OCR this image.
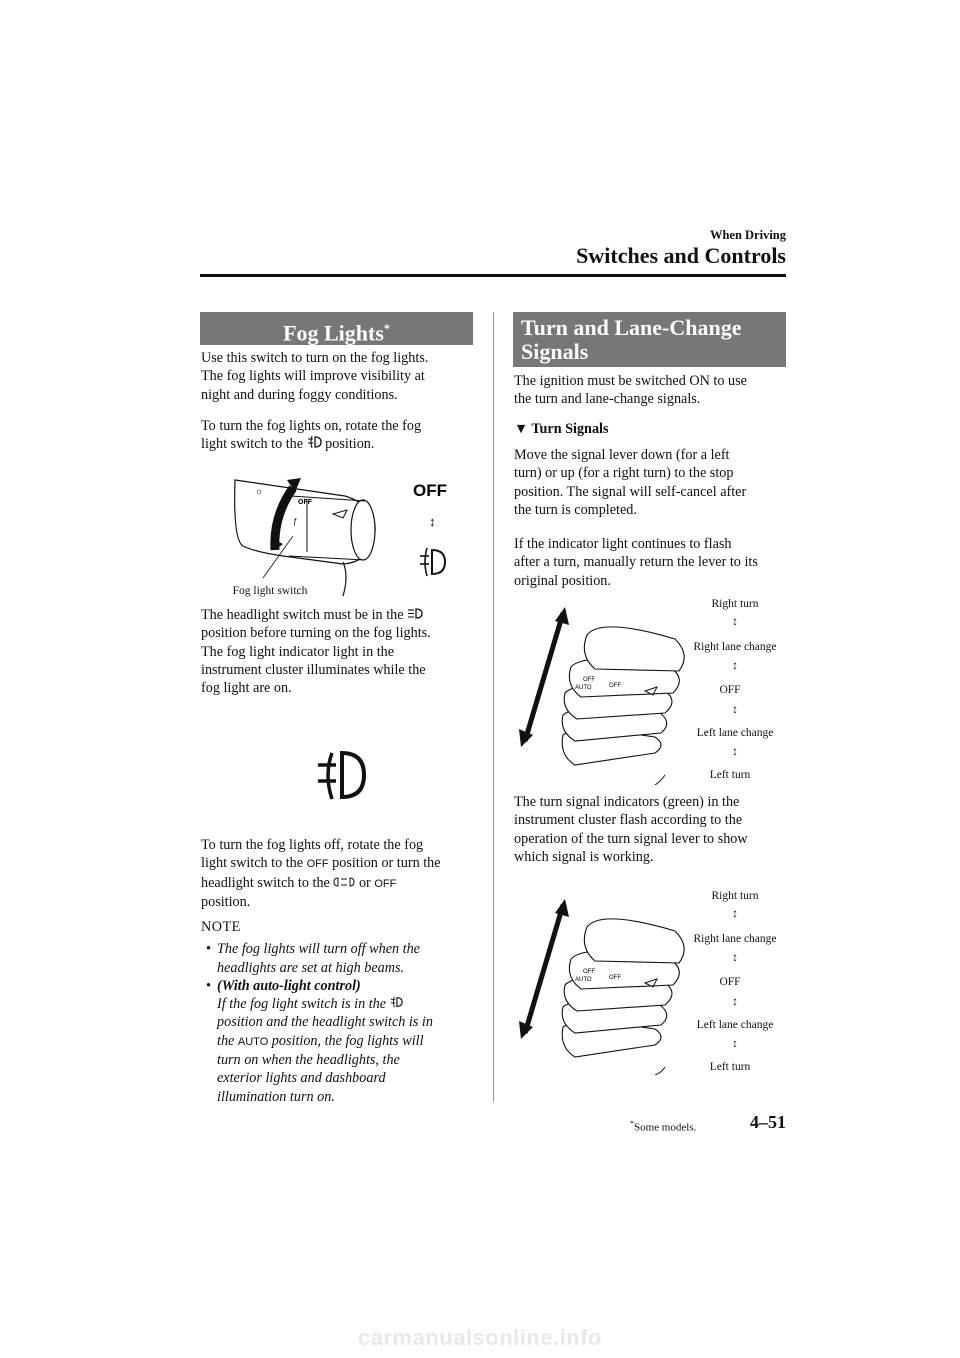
When Driving
Switches and Controls
Fog Lights*
Use this switch to turn on the fog lights.
The fog lights will improve visibility at
night and during foggy conditions.
To turn the fog lights on, rotate the fog
light switch to the position.
OFF
☼
ƒ
OFF
↕
Fog light switch
The headlight switch must be in the
position before turning on the fog lights.
The fog light indicator light in the
instrument cluster illuminates while the
fog light are on.
To turn the fog lights off, rotate the fog
light switch to the OFF position or turn the
headlight switch to the or OFF
position.
NOTE
• The fog lights will turn off when the
headlights are set at high beams.
• (With auto-light control)
If the fog light switch is in the
position and the headlight switch is in
the AUTO position, the fog lights will
turn on when the headlights, the
exterior lights and dashboard
illumination turn on.
Turn and Lane-Change
Signals
The ignition must be switched ON to use
the turn and lane-change signals.
▼ Turn Signals
Move the signal lever down (for a left
turn) or up (for a right turn) to the stop
position. The signal will self-cancel after
the turn is completed.
If the indicator light continues to flash
after a turn, manually return the lever to its
original position.
OFF
OFF
AUTO
Right turn
↕
Right lane change
↕
OFF
↕
Left lane change
↕
Left turn
The turn signal indicators (green) in the
instrument cluster flash according to the
operation of the turn signal lever to show
which signal is working.
OFF
OFF
AUTO
Right turn
↕
Right lane change
↕
OFF
↕
Left lane change
↕
Left turn
*Some models.	4–51
carmanualsonline.info
